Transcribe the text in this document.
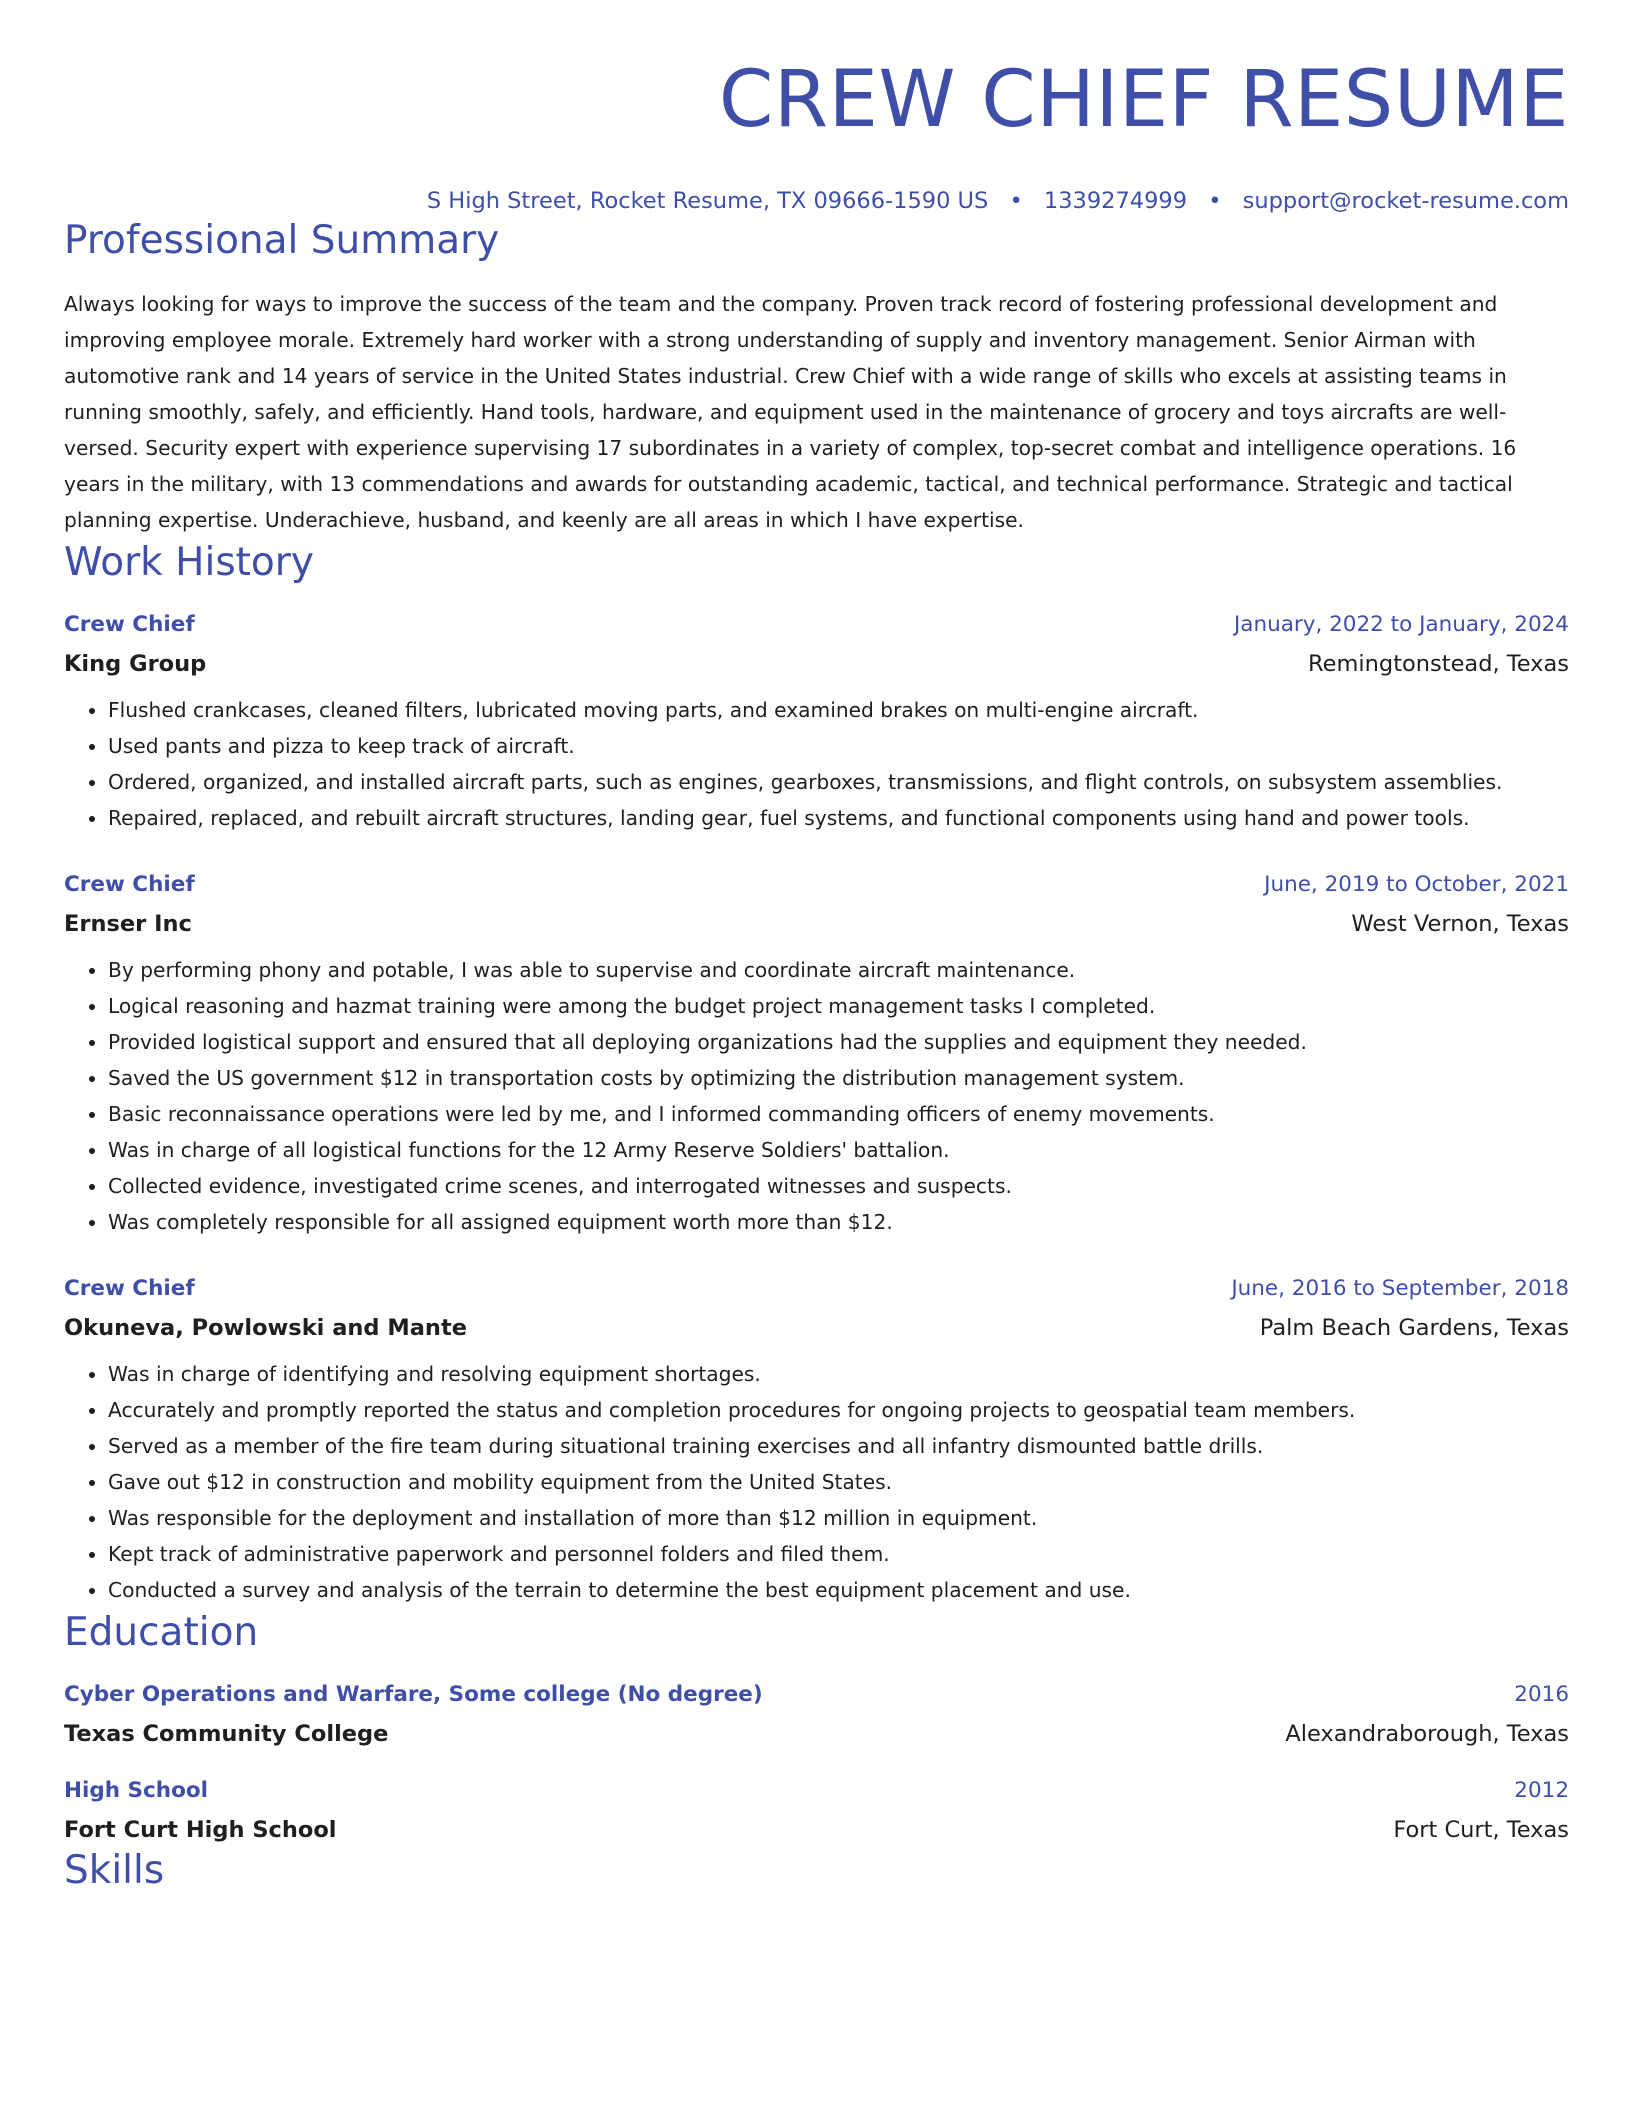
CREW CHIEF RESUME
S High Street, Rocket Resume, TX 09666-1590 US • 1339274999 • support@rocket-resume.com
Professional Summary
Always looking for ways to improve the success of the team and the company. Proven track record of fostering professional development and improving employee morale. Extremely hard worker with a strong understanding of supply and inventory management. Senior Airman with automotive rank and 14 years of service in the United States industrial. Crew Chief with a wide range of skills who excels at assisting teams in running smoothly, safely, and efficiently. Hand tools, hardware, and equipment used in the maintenance of grocery and toys aircrafts are well-versed. Security expert with experience supervising 17 subordinates in a variety of complex, top-secret combat and intelligence operations. 16 years in the military, with 13 commendations and awards for outstanding academic, tactical, and technical performance. Strategic and tactical planning expertise. Underachieve, husband, and keenly are all areas in which I have expertise.
Work History
Crew Chief	January, 2022 to January, 2024
King Group	Remingtonstead, Texas
• Flushed crankcases, cleaned filters, lubricated moving parts, and examined brakes on multi-engine aircraft.
• Used pants and pizza to keep track of aircraft.
• Ordered, organized, and installed aircraft parts, such as engines, gearboxes, transmissions, and flight controls, on subsystem assemblies.
• Repaired, replaced, and rebuilt aircraft structures, landing gear, fuel systems, and functional components using hand and power tools.
Crew Chief	June, 2019 to October, 2021
Ernser Inc	West Vernon, Texas
• By performing phony and potable, I was able to supervise and coordinate aircraft maintenance.
• Logical reasoning and hazmat training were among the budget project management tasks I completed.
• Provided logistical support and ensured that all deploying organizations had the supplies and equipment they needed.
• Saved the US government $12 in transportation costs by optimizing the distribution management system.
• Basic reconnaissance operations were led by me, and I informed commanding officers of enemy movements.
• Was in charge of all logistical functions for the 12 Army Reserve Soldiers' battalion.
• Collected evidence, investigated crime scenes, and interrogated witnesses and suspects.
• Was completely responsible for all assigned equipment worth more than $12.
Crew Chief	June, 2016 to September, 2018
Okuneva, Powlowski and Mante	Palm Beach Gardens, Texas
• Was in charge of identifying and resolving equipment shortages.
• Accurately and promptly reported the status and completion procedures for ongoing projects to geospatial team members.
• Served as a member of the fire team during situational training exercises and all infantry dismounted battle drills.
• Gave out $12 in construction and mobility equipment from the United States.
• Was responsible for the deployment and installation of more than $12 million in equipment.
• Kept track of administrative paperwork and personnel folders and filed them.
• Conducted a survey and analysis of the terrain to determine the best equipment placement and use.
Education
Cyber Operations and Warfare, Some college (No degree)	2016
Texas Community College	Alexandraborough, Texas
High School	2012
Fort Curt High School	Fort Curt, Texas
Skills
